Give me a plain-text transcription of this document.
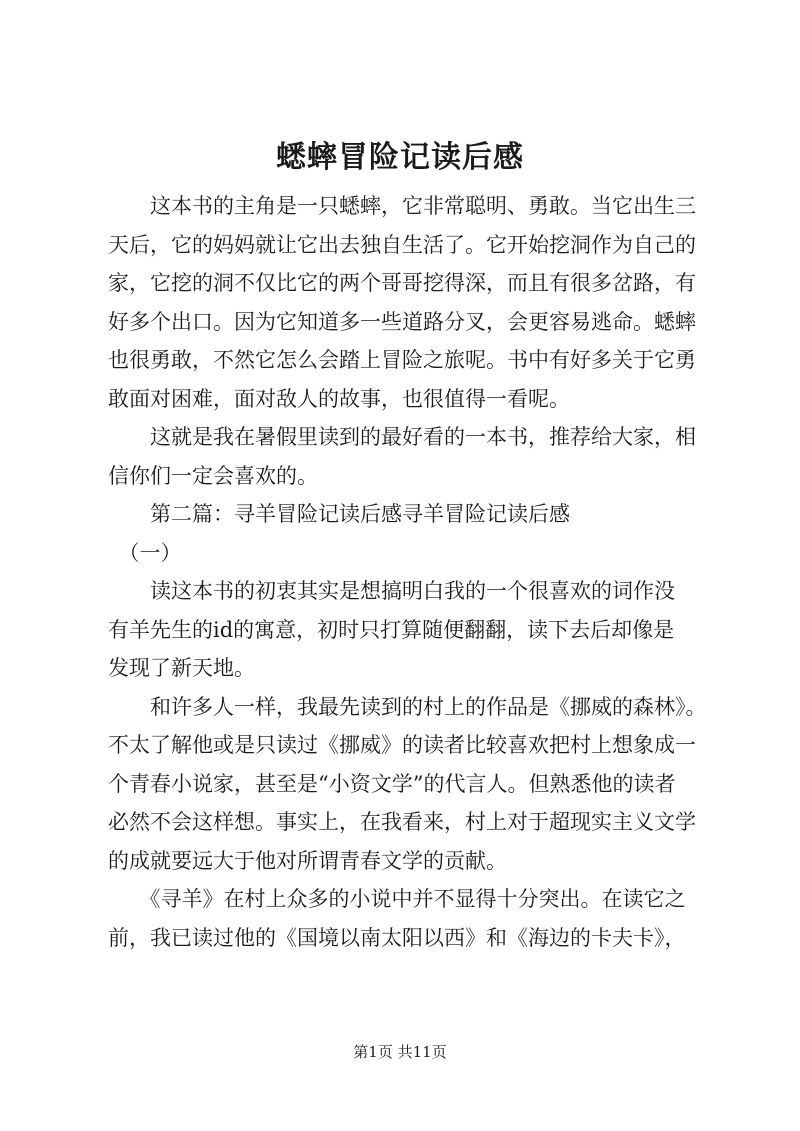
蟋蟀冒险记读后感
　　这本书的主角是一只蟋蟀，它非常聪明、勇敢。当它出生三
天后，它的妈妈就让它出去独自生活了。它开始挖洞作为自己的
家，它挖的洞不仅比它的两个哥哥挖得深，而且有很多岔路，有
好多个出口。因为它知道多一些道路分叉，会更容易逃命。蟋蟀
也很勇敢，不然它怎么会踏上冒险之旅呢。书中有好多关于它勇
敢面对困难，面对敌人的故事，也很值得一看呢。
　　这就是我在暑假里读到的最好看的一本书，推荐给大家，相
信你们一定会喜欢的。
　　第二篇：寻羊冒险记读后感寻羊冒险记读后感
　（一）
　　读这本书的初衷其实是想搞明白我的一个很喜欢的词作没
有羊先生的id的寓意，初时只打算随便翻翻，读下去后却像是
发现了新天地。
　　和许多人一样，我最先读到的村上的作品是《挪威的森林》。
不太了解他或是只读过《挪威》的读者比较喜欢把村上想象成一
个青春小说家，甚至是“小资文学”的代言人。但熟悉他的读者
必然不会这样想。事实上，在我看来，村上对于超现实主义文学
的成就要远大于他对所谓青春文学的贡献。
　　《寻羊》在村上众多的小说中并不显得十分突出。在读它之
前，我已读过他的《国境以南太阳以西》和《海边的卡夫卡》，
第1页 共11页
